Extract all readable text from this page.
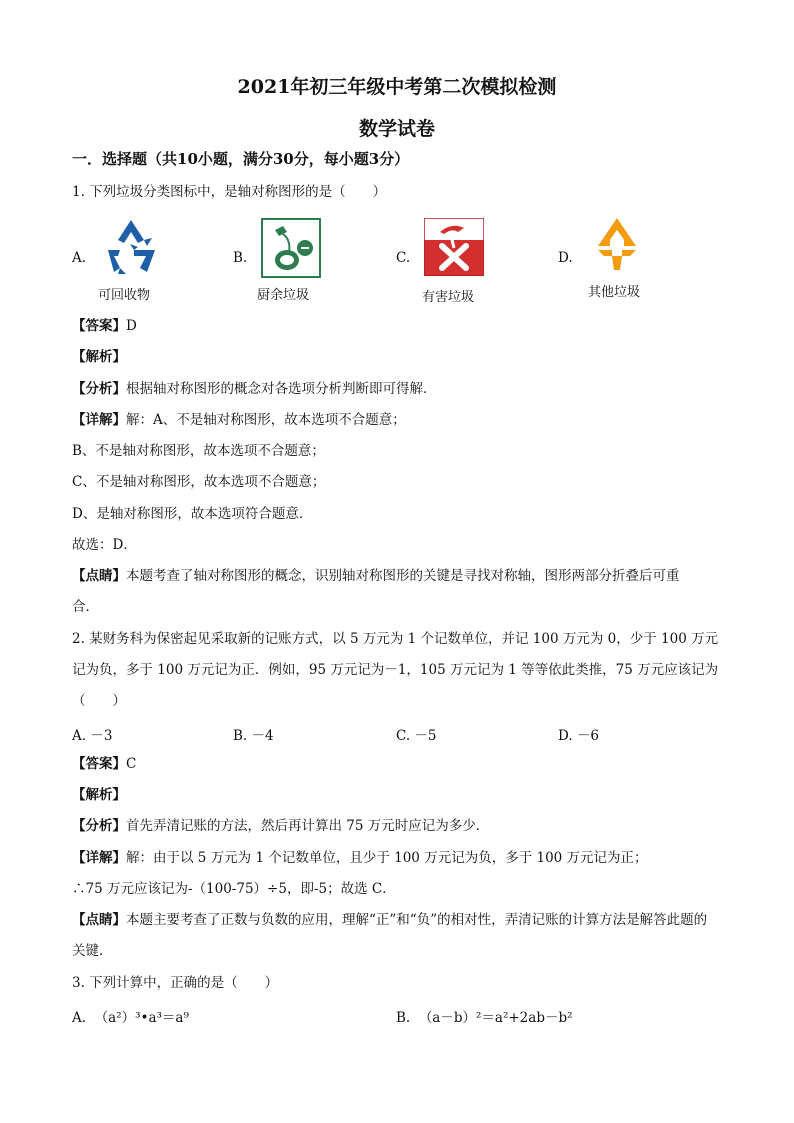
2021年初三年级中考第二次模拟检测
数学试卷
一．选择题（共10小题，满分30分，每小题3分）
1. 下列垃圾分类图标中，是轴对称图形的是（　　）
A.
可回收物
B.
厨余垃圾
C.
有害垃圾
D.
其他垃圾
【答案】D
【解析】
【分析】根据轴对称图形的概念对各选项分析判断即可得解．
【详解】解：A、不是轴对称图形，故本选项不合题意；
B、不是轴对称图形，故本选项不合题意；
C、不是轴对称图形，故本选项不合题意；
D、是轴对称图形，故本选项符合题意．
故选：D．
【点睛】本题考查了轴对称图形的概念，识别轴对称图形的关键是寻找对称轴，图形两部分折叠后可重
合．
2. 某财务科为保密起见采取新的记账方式，以 5 万元为 1 个记数单位，并记 100 万元为 0，少于 100 万元
记为负，多于 100 万元记为正．例如，95 万元记为－1，105 万元记为 1 等等依此类推，75 万元应该记为
（　　）
A. －3	B. －4	C. －5	D. －6
【答案】C
【解析】
【分析】首先弄清记账的方法，然后再计算出 75 万元时应记为多少．
【详解】解：由于以 5 万元为 1 个记数单位，且少于 100 万元记为负，多于 100 万元记为正；
∴75 万元应该记为-（100-75）÷5，即-5；故选 C．
【点睛】本题主要考查了正数与负数的应用，理解“正”和“负”的相对性，弄清记账的计算方法是解答此题的
关键．
3. 下列计算中，正确的是（　　）
A. （a²）³•a³＝a⁹	B. （a－b）²＝a²+2ab－b²
